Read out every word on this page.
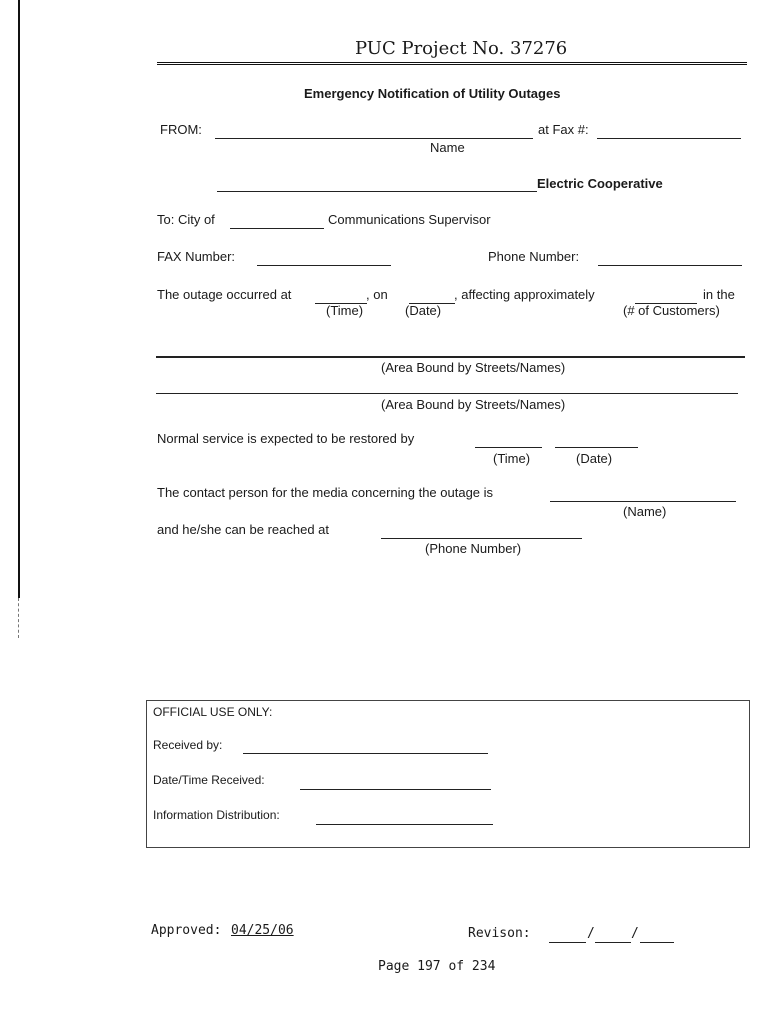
PUC Project No. 37276
Emergency Notification of Utility Outages
FROM:	at Fax #:
Name
Electric Cooperative
To: City of	Communications Supervisor
FAX Number:	Phone Number:
The outage occurred at	, on	, affecting approximately	in the
(Time)	(Date)	(# of Customers)
(Area Bound by Streets/Names)
(Area Bound by Streets/Names)
Normal service is expected to be restored by
(Time)	(Date)
The contact person for the media concerning the outage is
(Name)
and he/she can be reached at
(Phone Number)
OFFICIAL USE ONLY:
Received by:
Date/Time Received:
Information Distribution:
Approved: 04/25/06	Revison:	/	/
Page 197 of 234
